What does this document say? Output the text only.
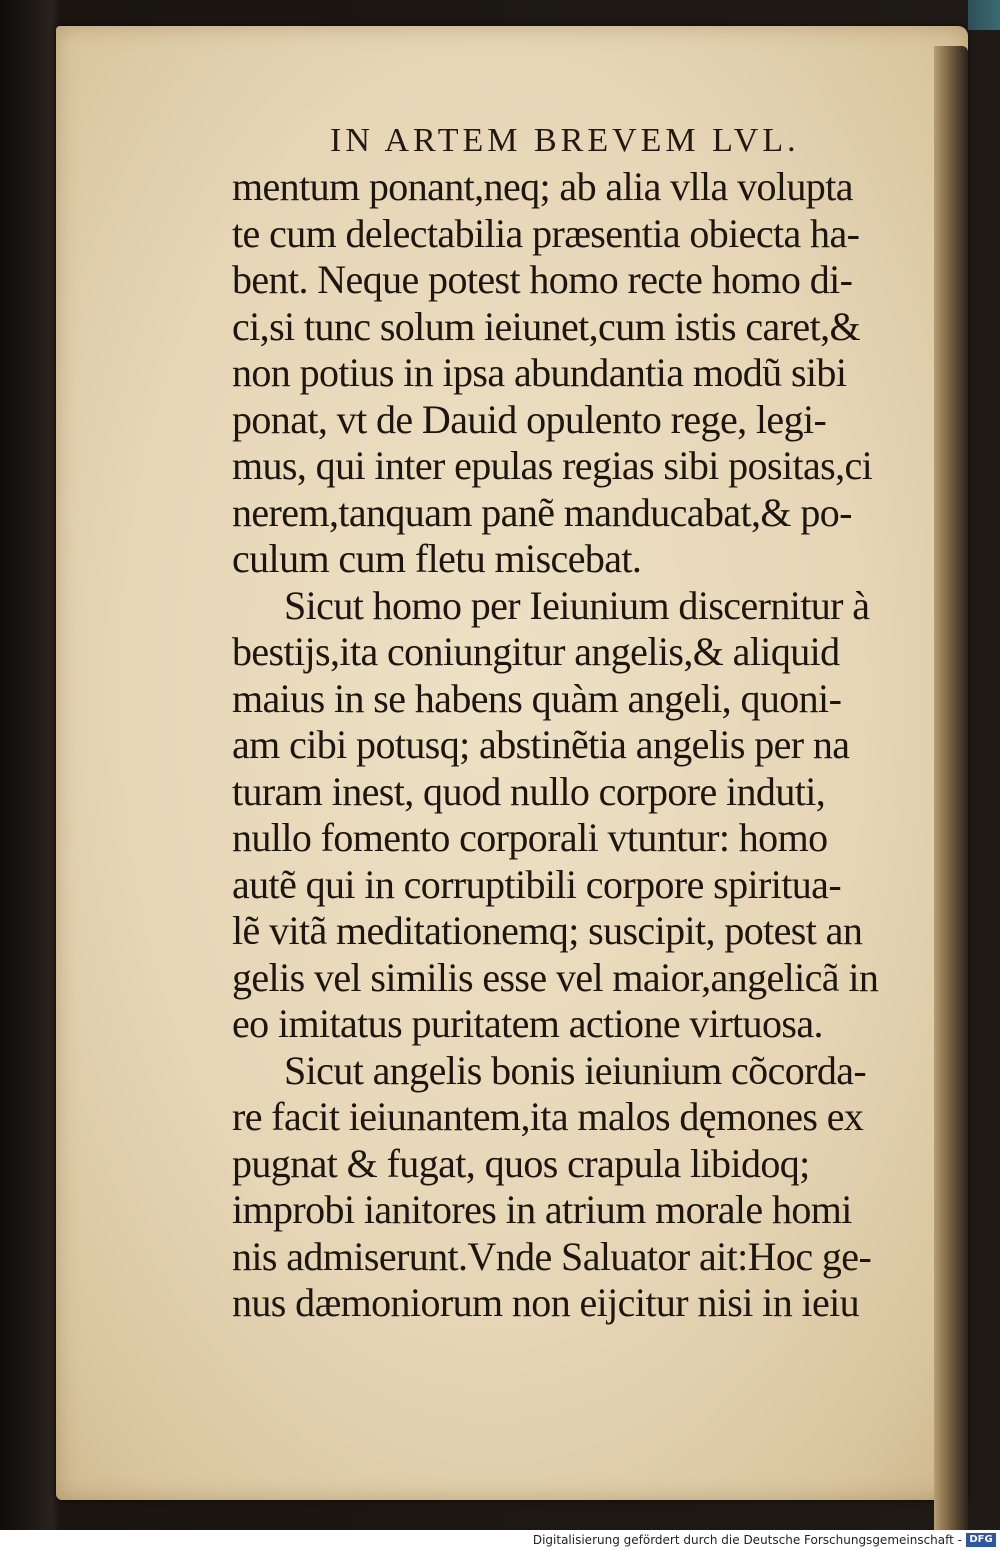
IN ARTEM BREVEM LVL.
mentum ponant,neq; ab alia vlla volupta
te cum delectabilia præsentia obiecta ha-
bent. Neque potest homo recte homo di-
ci,si tunc solum ieiunet,cum istis caret,&
non potius in ipsa abundantia modũ sibi
ponat, vt de Dauid opulento rege, legi-
mus, qui inter epulas regias sibi positas,ci
nerem,tanquam panẽ manducabat,& po-
culum cum fletu miscebat.
Sicut homo per Ieiunium discernitur à
bestijs,ita coniungitur angelis,& aliquid
maius in se habens quàm angeli, quoni-
am cibi potusq; abstinẽtia angelis per na
turam inest, quod nullo corpore induti,
nullo fomento corporali vtuntur: homo
autẽ qui in corruptibili corpore spiritua-
lẽ vitã meditationemq; suscipit, potest an
gelis vel similis esse vel maior,angelicã in
eo imitatus puritatem actione virtuosa.
Sicut angelis bonis ieiunium cõcorda-
re facit ieiunantem,ita malos dęmones ex
pugnat & fugat, quos crapula libidoq;
improbi ianitores in atrium morale homi
nis admiserunt.Vnde Saluator ait:Hoc ge-
nus dæmoniorum non eijcitur nisi in ieiu
Digitalisierung gefördert durch die Deutsche Forschungsgemeinschaft - DFG
